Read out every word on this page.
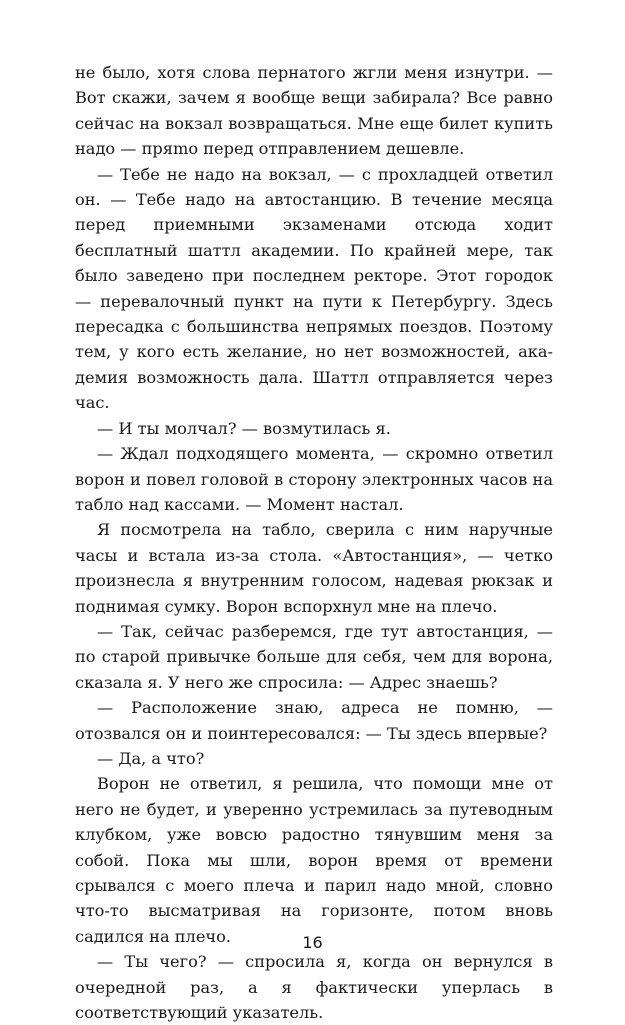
не было, хотя слова пернатого жгли меня изнутри. — Вот скажи, зачем я вообще вещи забирала? Все равно сейчас на вокзал возвращаться. Мне еще билет купить надо — пряmo перед отправлением дешевле.

— Тебе не надо на вокзал, — с прохладцей ответил он. — Тебе надо на автостанцию. В течение месяца перед приемными экзаменами отсюда ходит бесплатный шаттл академии. По крайней мере, так было заведено при последнем ректоре. Этот городок — перевалочный пункт на пути к Петербургу. Здесь пересадка с большинства непрямых поездов. Поэтому тем, у кого есть желание, но нет возможностей, академия возможность дала. Шаттл отправляется через час.

— И ты молчал? — возмутилась я.

— Ждал подходящего момента, — скромно ответил ворон и повел головой в сторону электронных часов на табло над кассами. — Момент настал.

Я посмотрела на табло, сверила с ним наручные часы и встала из-за стола. «Автостанция», — четко произнесла я внутренним голосом, надевая рюкзак и поднимая сумку. Ворон вспорхнул мне на плечо.

— Так, сейчас разберемся, где тут автостанция, — по старой привычке больше для себя, чем для ворона, сказала я. У него же спросила: — Адрес знаешь?

— Расположение знаю, адреса не помню, — отозвался он и поинтересовался: — Ты здесь впервые?

— Да, а что?

Ворон не ответил, я решила, что помощи мне от него не будет, и уверенно устремилась за путеводным клубком, уже вовсю радостно тянувшим меня за собой. Пока мы шли, ворон время от времени срывался с моего плеча и парил надо мной, словно что-то высматривая на горизонте, потом вновь садился на плечо.

— Ты чего? — спросила я, когда он вернулся в очередной раз, а я фактически уперлась в соответствующий указатель.

16
